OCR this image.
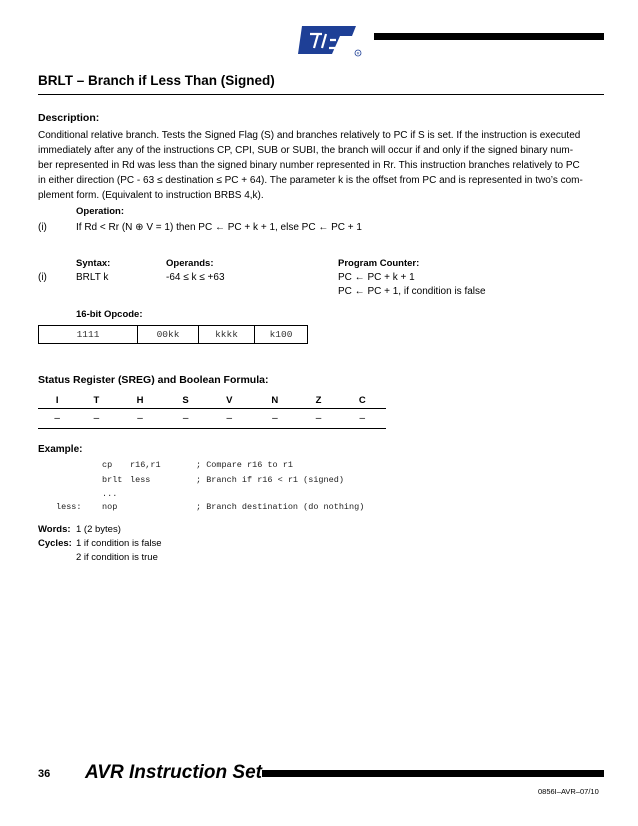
R
BRLT – Branch if Less Than (Signed)
Description:
Conditional relative branch. Tests the Signed Flag (S) and branches relatively to PC if S is set. If the instruction is executed
immediately after any of the instructions CP, CPI, SUB or SUBI, the branch will occur if and only if the signed binary num-
ber represented in Rd was less than the signed binary number represented in Rr. This instruction branches relatively to PC
in either direction (PC - 63 ≤ destination ≤ PC + 64). The parameter k is the offset from PC and is represented in two’s com-
plement form. (Equivalent to instruction BRBS 4,k).
Operation:
(i)	If Rd < Rr (N ⊕ V = 1) then PC ← PC + k + 1, else PC ← PC + 1
Syntax:	Operands:	Program Counter:
(i)	BRLT k	-64 ≤ k ≤ +63	PC ← PC + k + 1
PC ← PC + 1, if condition is false
16-bit Opcode:
1111	00kk	kkkk	k100
Status Register (SREG) and Boolean Formula:
I	T	H	S	V	N	Z	C
–	–	–	–	–	–	–	–
Example:
cp r16,r1	; Compare r16 to r1
brlt less	; Branch if r16 < r1 (signed)
...
less: nop	; Branch destination (do nothing)
Words: 1 (2 bytes)
Cycles: 1 if condition is false
2 if condition is true
36 AVR Instruction Set
0856I–AVR–07/10
